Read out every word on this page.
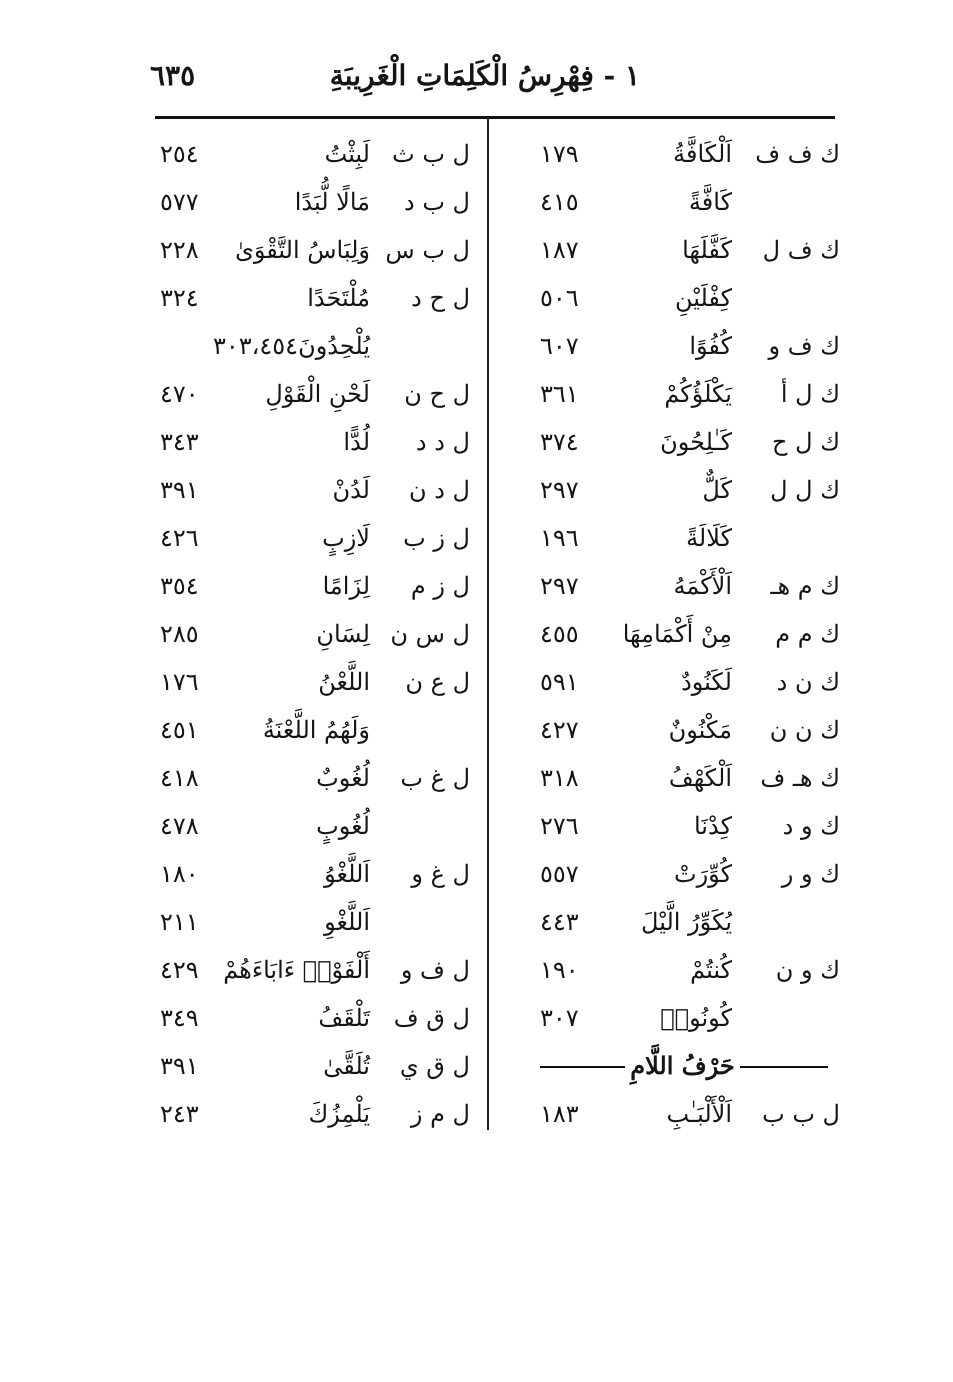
١ - فِهْرِسُ الْكَلِمَاتِ الْغَرِيبَةِ
٦٣٥
ك ف ف
اَلْكَافَّةُ
١٧٩
كَافَّةً
٤١٥
ك ف ل
كَفَّلَهَا
١٨٧
كِفْلَيْنِ
٥٠٦
ك ف و
كُفُوًا
٦٠٧
ك ل أ
يَكْلَؤُكُمْ
٣٦١
ك ل ح
كَـٰلِحُونَ
٣٧٤
ك ل ل
كَلٌّ
٢٩٧
كَلَالَةً
١٩٦
ك م هـ
اَلْأَكْمَهُ
٢٩٧
ك م م
مِنْ أَكْمَامِهَا
٤٥٥
ك ن د
لَكَنُودٌ
٥٩١
ك ن ن
مَكْنُونٌ
٤٢٧
ك هـ ف
اَلْكَهْفُ
٣١٨
ك و د
كِدْنَا
٢٧٦
ك و ر
كُوِّرَتْ
٥٥٧
يُكَوِّرُ الَّيْلَ
٤٤٣
ك و ن
كُنتُمْ
١٩٠
كُونُوا۟
٣٠٧
حَرْفُ اللَّامِ
ل ب ب
اَلْأَلْبَـٰبِ
١٨٣
ل ب ث
لَبِثْتُ
٢٥٤
ل ب د
مَالًا لُّبَدًا
٥٧٧
ل ب س
وَلِبَاسُ التَّقْوَىٰ
٢٢٨
ل ح د
مُلْتَحَدًا
٣٢٤
يُلْحِدُونَ٣٠٣،٤٥٤
ل ح ن
لَحْنِ الْقَوْلِ
٤٧٠
ل د د
لُدًّا
٣٤٣
ل د ن
لَدُنْ
٣٩١
ل ز ب
لَازِبٍ
٤٢٦
ل ز م
لِزَامًا
٣٥٤
ل س ن
لِسَانِ
٢٨٥
ل ع ن
اللَّعْنُ
١٧٦
وَلَهُمُ اللَّعْنَةُ
٤٥١
ل غ ب
لُغُوبٌ
٤١٨
لُغُوبٍ
٤٧٨
ل غ و
اَللَّغْوُ
١٨٠
اَللَّغْوِ
٢١١
ل ف و
أَلْفَوْا۟ ءَابَاءَهُمْ
٤٢٩
ل ق ف
تَلْقَفُ
٣٤٩
ل ق ي
تُلَقَّىٰ
٣٩١
ل م ز
يَلْمِزُكَ
٢٤٣
